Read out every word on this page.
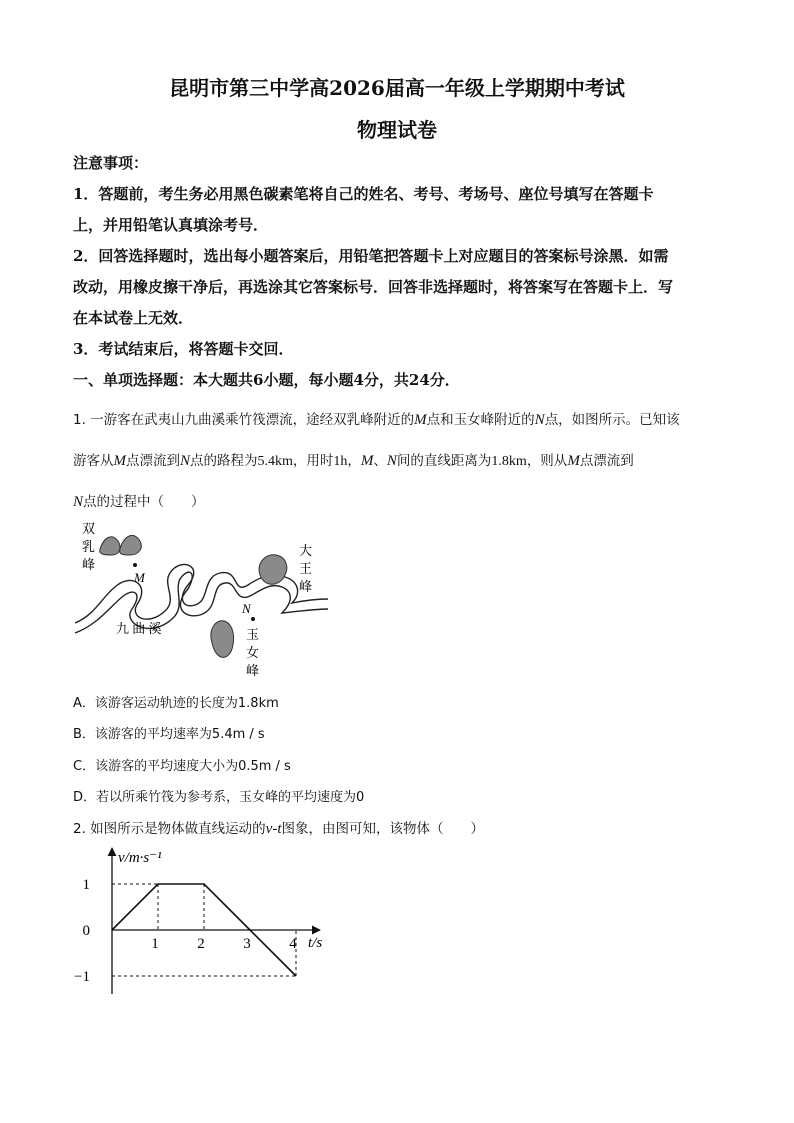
昆明市第三中学高2026届高一年级上学期期中考试
物理试卷
注意事项：
1．答题前，考生务必用黑色碳素笔将自己的姓名、考号、考场号、座位号填写在答题卡
上，并用铅笔认真填涂考号．
2．回答选择题时，选出每小题答案后，用铅笔把答题卡上对应题目的答案标号涂黑．如需
改动，用橡皮擦干净后，再选涂其它答案标号．回答非选择题时，将答案写在答题卡上．写
在本试卷上无效．
3．考试结束后，将答题卡交回．
一、单项选择题：本大题共6小题，每小题4分，共24分．
1. 一游客在武夷山九曲溪乘竹筏漂流，途经双乳峰附近的M点和玉女峰附近的N点，如图所示。已知该
游客从M点漂流到N点的路程为5.4km，用时1h，M、N间的直线距离为1.8km，则从M点漂流到
N点的过程中（　　）
M
N
双 乳 峰
大 王 峰
玉 女 峰
九 曲 溪
A．该游客运动轨迹的长度为1.8km
B．该游客的平均速率为5.4m / s
C．该游客的平均速度大小为0.5m / s
D．若以所乘竹筏为参考系，玉女峰的平均速度为0
2. 如图所示是物体做直线运动的v-t图象，由图可知，该物体（　　）
v/m·s⁻¹
t/s
1
0
−1
1	2	3	4
